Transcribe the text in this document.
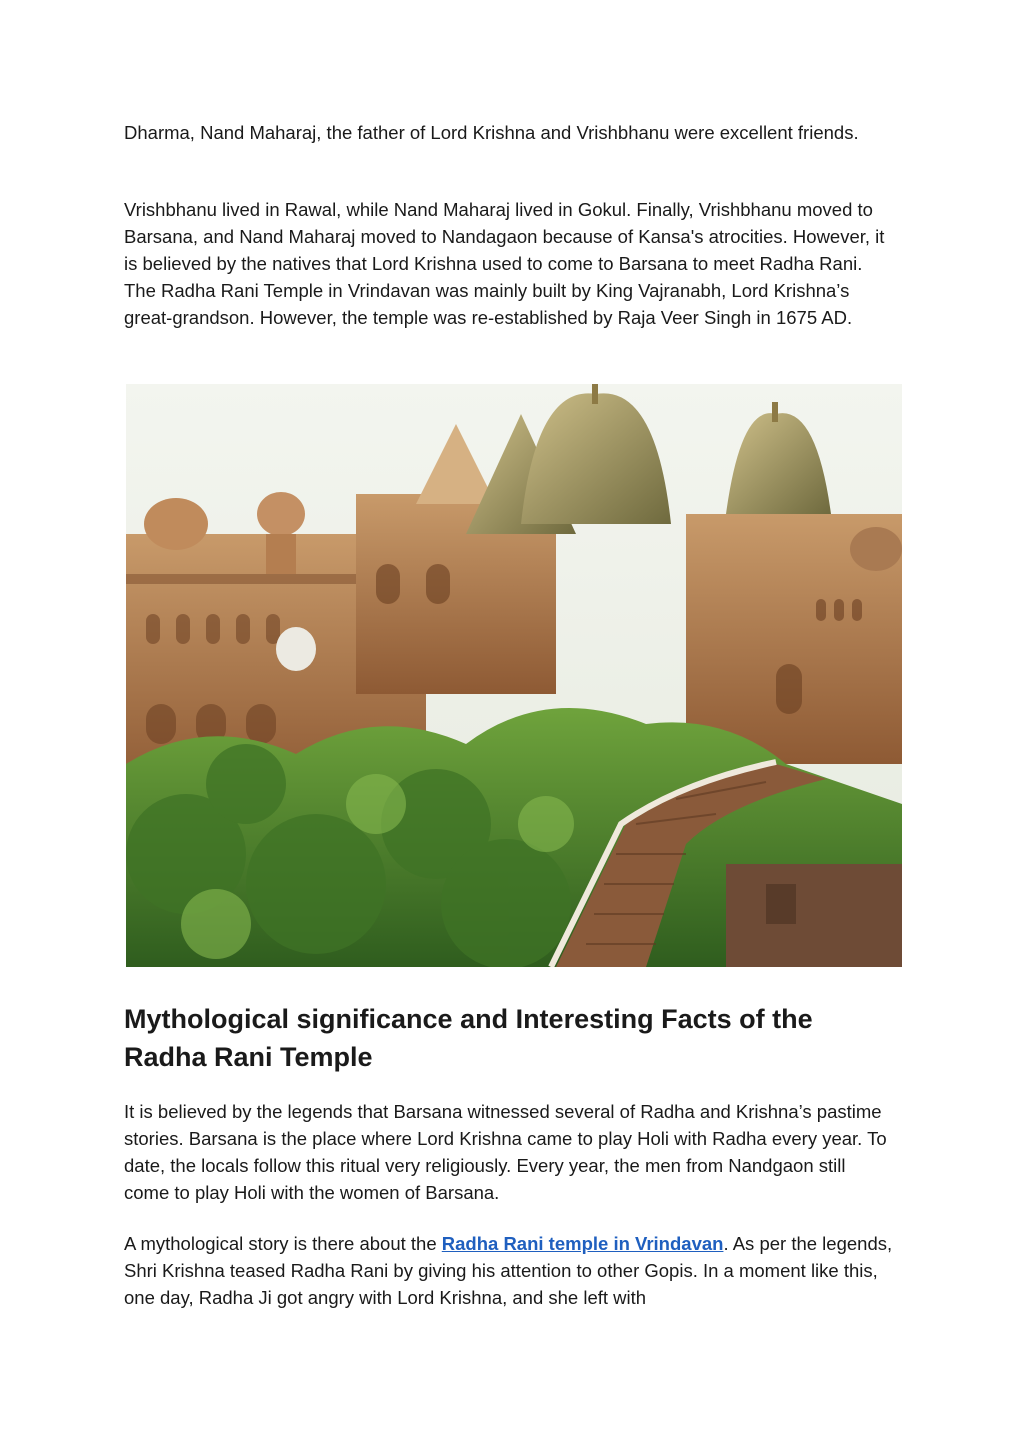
Dharma, Nand Maharaj, the father of Lord Krishna and Vrishbhanu were excellent friends.

Vrishbhanu lived in Rawal, while Nand Maharaj lived in Gokul. Finally, Vrishbhanu moved to Barsana, and Nand Maharaj moved to Nandagaon because of Kansa's atrocities. However, it is believed by the natives that Lord Krishna used to come to Barsana to meet Radha Rani. The Radha Rani Temple in Vrindavan was mainly built by King Vajranabh, Lord Krishna’s great-grandson. However, the temple was re-established by Raja Veer Singh in 1675 AD.

Mythological significance and Interesting Facts of the Radha Rani Temple

It is believed by the legends that Barsana witnessed several of Radha and Krishna’s pastime stories. Barsana is the place where Lord Krishna came to play Holi with Radha every year. To date, the locals follow this ritual very religiously. Every year, the men from Nandgaon still come to play Holi with the women of Barsana.

A mythological story is there about the Radha Rani temple in Vrindavan. As per the legends, Shri Krishna teased Radha Rani by giving his attention to other Gopis. In a moment like this, one day, Radha Ji got angry with Lord Krishna, and she left with
